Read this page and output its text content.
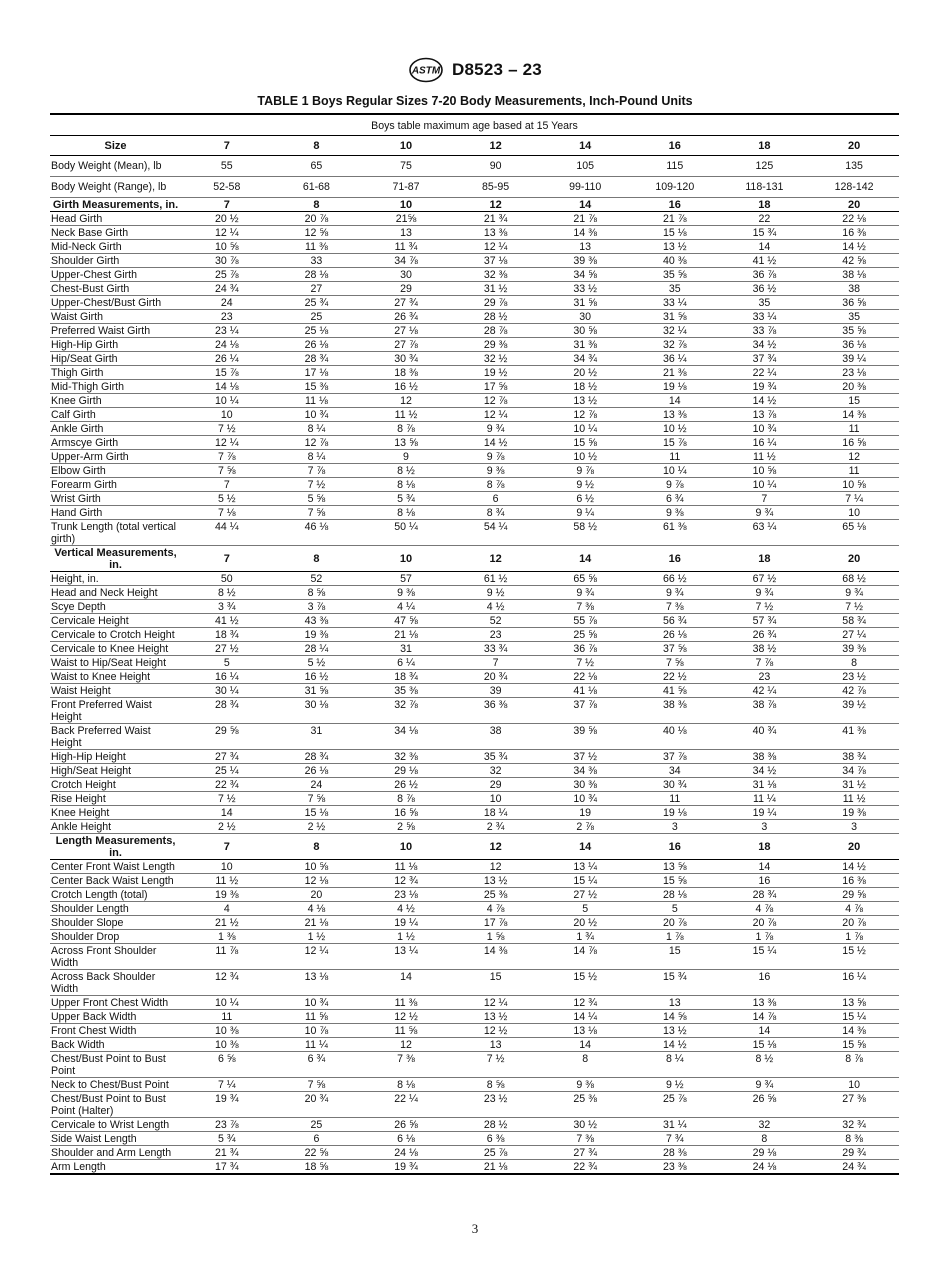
ASTM D8523 – 23
TABLE 1 Boys Regular Sizes 7-20 Body Measurements, Inch-Pound Units
Boys table maximum age based at 15 Years								
Size	7	8	10	12	14	16	18	20
Body Weight (Mean), lb	55	65	75	90	105	115	125	135
Body Weight (Range), lb	52-58	61-68	71-87	85-95	99-110	109-120	118-131	128-142
Girth Measurements, in.	7	8	10	12	14	16	18	20
Head Girth	20 ½	20 ⅞	21⅝	21 ¾	21 ⅞	21 ⅞	22	22 ⅛
Neck Base Girth	12 ¼	12 ⅝	13	13 ⅜	14 ⅜	15 ⅛	15 ¾	16 ⅜
Mid-Neck Girth	10 ⅝	11 ⅜	11 ¾	12 ¼	13	13 ½	14	14 ½
Shoulder Girth	30 ⅞	33	34 ⅞	37 ⅛	39 ⅜	40 ⅜	41 ½	42 ⅝
Upper-Chest Girth	25 ⅞	28 ⅛	30	32 ⅜	34 ⅝	35 ⅝	36 ⅞	38 ⅛
Chest-Bust Girth	24 ¾	27	29	31 ½	33 ½	35	36 ½	38
Upper-Chest/Bust Girth	24	25 ¾	27 ¾	29 ⅞	31 ⅝	33 ¼	35	36 ⅝
Waist Girth	23	25	26 ¾	28 ½	30	31 ⅝	33 ¼	35
Preferred Waist Girth	23 ¼	25 ⅛	27 ⅛	28 ⅞	30 ⅝	32 ¼	33 ⅞	35 ⅝
High-Hip Girth	24 ⅛	26 ⅛	27 ⅞	29 ⅜	31 ⅜	32 ⅞	34 ½	36 ⅛
Hip/Seat Girth	26 ¼	28 ¾	30 ¾	32 ½	34 ¾	36 ¼	37 ¾	39 ¼
Thigh Girth	15 ⅞	17 ⅛	18 ⅜	19 ½	20 ½	21 ⅜	22 ¼	23 ⅛
Mid-Thigh Girth	14 ⅛	15 ⅜	16 ½	17 ⅝	18 ½	19 ⅛	19 ¾	20 ⅜
Knee Girth	10 ¼	11 ⅛	12	12 ⅞	13 ½	14	14 ½	15
Calf Girth	10	10 ¾	11 ½	12 ¼	12 ⅞	13 ⅜	13 ⅞	14 ⅜
Ankle Girth	7 ½	8 ¼	8 ⅞	9 ¾	10 ¼	10 ½	10 ¾	11
Armscye Girth	12 ¼	12 ⅞	13 ⅝	14 ½	15 ⅝	15 ⅞	16 ¼	16 ⅝
Upper-Arm Girth	7 ⅞	8 ¼	9	9 ⅞	10 ½	11	11 ½	12
Elbow Girth	7 ⅝	7 ⅞	8 ½	9 ⅜	9 ⅞	10 ¼	10 ⅝	11
Forearm Girth	7	7 ½	8 ⅛	8 ⅞	9 ½	9 ⅞	10 ¼	10 ⅝
Wrist Girth	5 ½	5 ⅝	5 ¾	6	6 ½	6 ¾	7	7 ¼
Hand Girth	7 ⅛	7 ⅝	8 ⅛	8 ¾	9 ¼	9 ⅜	9 ¾	10
Trunk Length (total vertical girth)	44 ¼	46 ⅛	50 ¼	54 ¼	58 ½	61 ⅜	63 ¼	65 ⅛
Vertical Measurements, in.	7	8	10	12	14	16	18	20
Height, in.	50	52	57	61 ½	65 ⅝	66 ½	67 ½	68 ½
Head and Neck Height	8 ½	8 ⅝	9 ⅜	9 ½	9 ¾	9 ¾	9 ¾	9 ¾
Scye Depth	3 ¾	3 ⅞	4 ¼	4 ½	7 ⅜	7 ⅜	7 ½	7 ½
Cervicale Height	41 ½	43 ⅜	47 ⅝	52	55 ⅞	56 ¾	57 ¾	58 ¾
Cervicale to Crotch Height	18 ¾	19 ⅜	21 ⅛	23	25 ⅝	26 ⅛	26 ¾	27 ¼
Cervicale to Knee Height	27 ½	28 ¼	31	33 ¾	36 ⅞	37 ⅝	38 ½	39 ⅜
Waist to Hip/Seat Height	5	5 ½	6 ¼	7	7 ½	7 ⅝	7 ⅞	8
Waist to Knee Height	16 ¼	16 ½	18 ¾	20 ¾	22 ⅛	22 ½	23	23 ½
Waist Height	30 ¼	31 ⅝	35 ⅜	39	41 ⅛	41 ⅝	42 ¼	42 ⅞
Front Preferred Waist Height	28 ¾	30 ⅛	32 ⅞	36 ⅜	37 ⅞	38 ⅜	38 ⅞	39 ½
Back Preferred Waist Height	29 ⅝	31	34 ⅛	38	39 ⅝	40 ⅛	40 ¾	41 ⅜
High-Hip Height	27 ¾	28 ¾	32 ⅜	35 ¾	37 ½	37 ⅞	38 ⅜	38 ¾
High/Seat Height	25 ¼	26 ⅛	29 ⅛	32	34 ⅜	34	34 ½	34 ⅞
Crotch Height	22 ¾	24	26 ½	29	30 ⅜	30 ¾	31 ⅛	31 ½
Rise Height	7 ½	7 ⅝	8 ⅞	10	10 ¾	11	11 ¼	11 ½
Knee Height	14	15 ⅛	16 ⅝	18 ¼	19	19 ⅛	19 ¼	19 ⅜
Ankle Height	2 ½	2 ½	2 ⅝	2 ¾	2 ⅞	3	3	3
Length Measurements, in.	7	8	10	12	14	16	18	20
Center Front Waist Length	10	10 ⅝	11 ⅛	12	13 ¼	13 ⅝	14	14 ½
Center Back Waist Length	11 ½	12 ⅛	12 ¾	13 ½	15 ¼	15 ⅝	16	16 ⅜
Crotch Length (total)	19 ⅜	20	23 ⅛	25 ⅜	27 ½	28 ⅛	28 ¾	29 ⅝
Shoulder Length	4	4 ⅛	4 ½	4 ⅞	5	5	4 ⅞	4 ⅞
Shoulder Slope	21 ½	21 ⅛	19 ¼	17 ⅞	20 ½	20 ⅞	20 ⅞	20 ⅞
Shoulder Drop	1 ⅜	1 ½	1 ½	1 ⅝	1 ¾	1 ⅞	1 ⅞	1 ⅞
Across Front Shoulder Width	11 ⅞	12 ¼	13 ¼	14 ⅜	14 ⅞	15	15 ¼	15 ½
Across Back Shoulder Width	12 ¾	13 ⅛	14	15	15 ½	15 ¾	16	16 ¼
Upper Front Chest Width	10 ¼	10 ¾	11 ⅜	12 ¼	12 ¾	13	13 ⅜	13 ⅝
Upper Back Width	11	11 ⅝	12 ½	13 ½	14 ¼	14 ⅝	14 ⅞	15 ¼
Front Chest Width	10 ⅜	10 ⅞	11 ⅝	12 ½	13 ⅛	13 ½	14	14 ⅜
Back Width	10 ⅜	11 ¼	12	13	14	14 ½	15 ⅛	15 ⅝
Chest/Bust Point to Bust Point	6 ⅝	6 ¾	7 ⅜	7 ½	8	8 ¼	8 ½	8 ⅞
Neck to Chest/Bust Point	7 ¼	7 ⅝	8 ⅛	8 ⅝	9 ⅜	9 ½	9 ¾	10
Chest/Bust Point to Bust Point (Halter)	19 ¾	20 ¾	22 ¼	23 ½	25 ⅜	25 ⅞	26 ⅝	27 ⅜
Cervicale to Wrist Length	23 ⅞	25	26 ⅝	28 ½	30 ½	31 ¼	32	32 ¾
Side Waist Length	5 ¾	6	6 ⅛	6 ⅜	7 ⅜	7 ¾	8	8 ⅜
Shoulder and Arm Length	21 ¾	22 ⅝	24 ⅛	25 ⅞	27 ¾	28 ⅜	29 ⅛	29 ¾
Arm Length	17 ¾	18 ⅝	19 ¾	21 ⅛	22 ¾	23 ⅜	24 ⅛	24 ¾
3
